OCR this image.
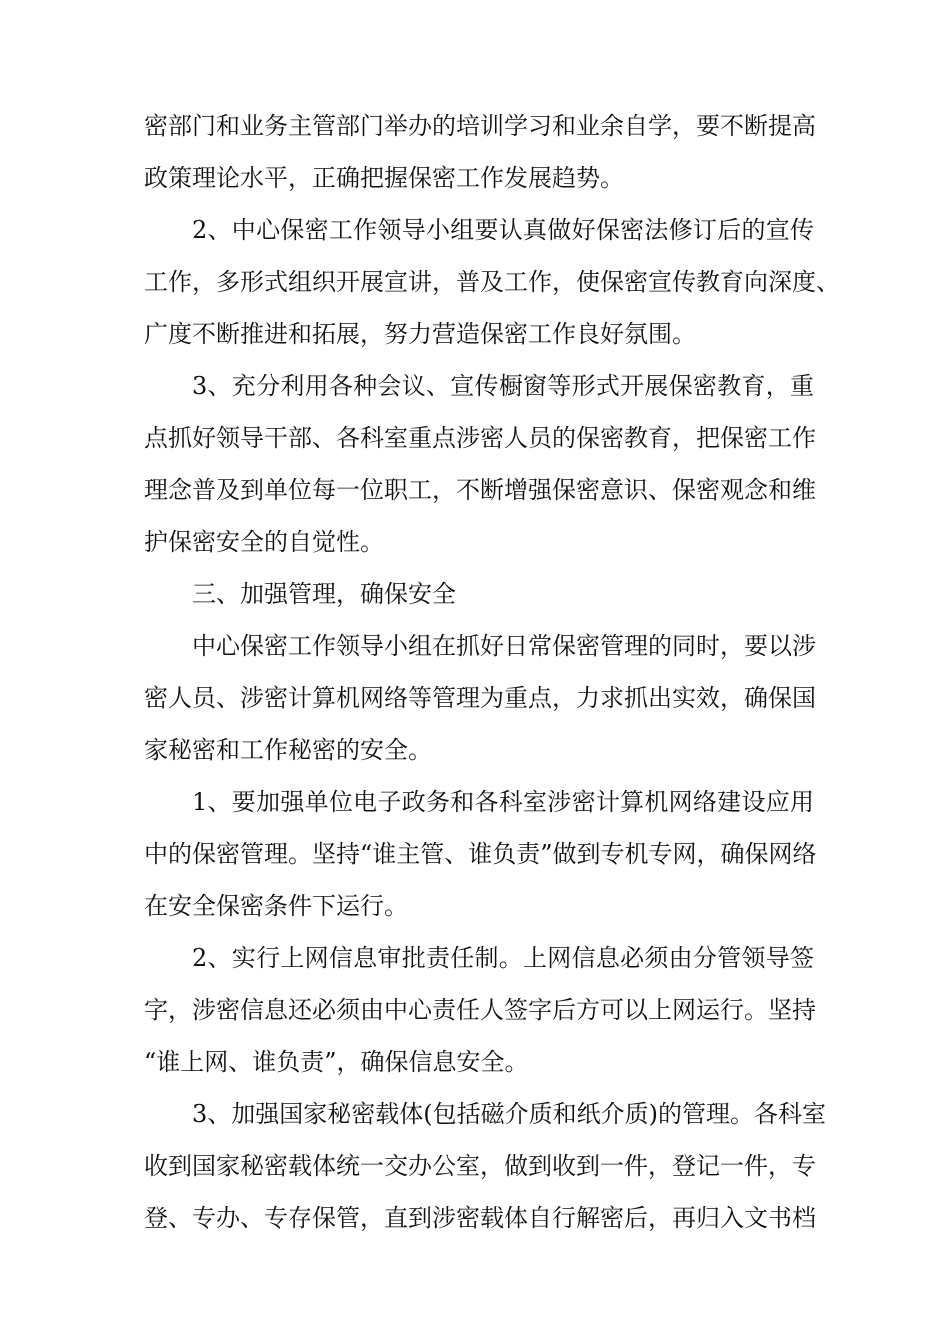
密部门和业务主管部门举办的培训学习和业余自学，要不断提高
政策理论水平，正确把握保密工作发展趋势。
2、中心保密工作领导小组要认真做好保密法修订后的宣传
工作，多形式组织开展宣讲，普及工作，使保密宣传教育向深度、
广度不断推进和拓展，努力营造保密工作良好氛围。
3、充分利用各种会议、宣传橱窗等形式开展保密教育，重
点抓好领导干部、各科室重点涉密人员的保密教育，把保密工作
理念普及到单位每一位职工，不断增强保密意识、保密观念和维
护保密安全的自觉性。
三、加强管理，确保安全
中心保密工作领导小组在抓好日常保密管理的同时，要以涉
密人员、涉密计算机网络等管理为重点，力求抓出实效，确保国
家秘密和工作秘密的安全。
1、要加强单位电子政务和各科室涉密计算机网络建设应用
中的保密管理。坚持“谁主管、谁负责”做到专机专网，确保网络
在安全保密条件下运行。
2、实行上网信息审批责任制。上网信息必须由分管领导签
字，涉密信息还必须由中心责任人签字后方可以上网运行。坚持
“谁上网、谁负责”，确保信息安全。
3、加强国家秘密载体(包括磁介质和纸介质)的管理。各科室
收到国家秘密载体统一交办公室，做到收到一件，登记一件，专
登、专办、专存保管，直到涉密载体自行解密后，再归入文书档
